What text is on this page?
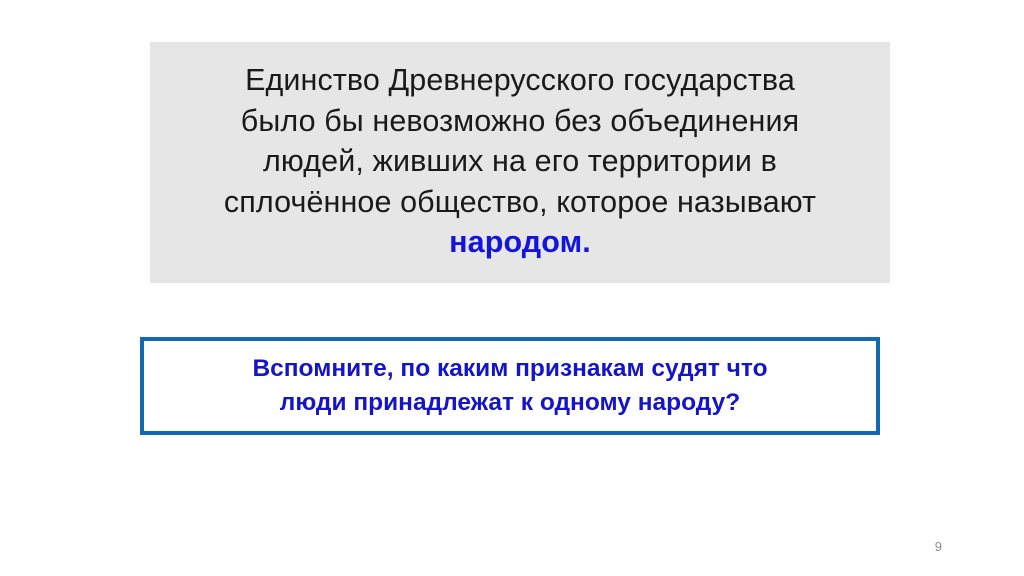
Единство Древнерусского государства
было бы невозможно без объединения
людей, живших на его территории в
сплочённое общество, которое называют
народом.

Вспомните, по каким признакам судят что
люди принадлежат к одному народу?

9
